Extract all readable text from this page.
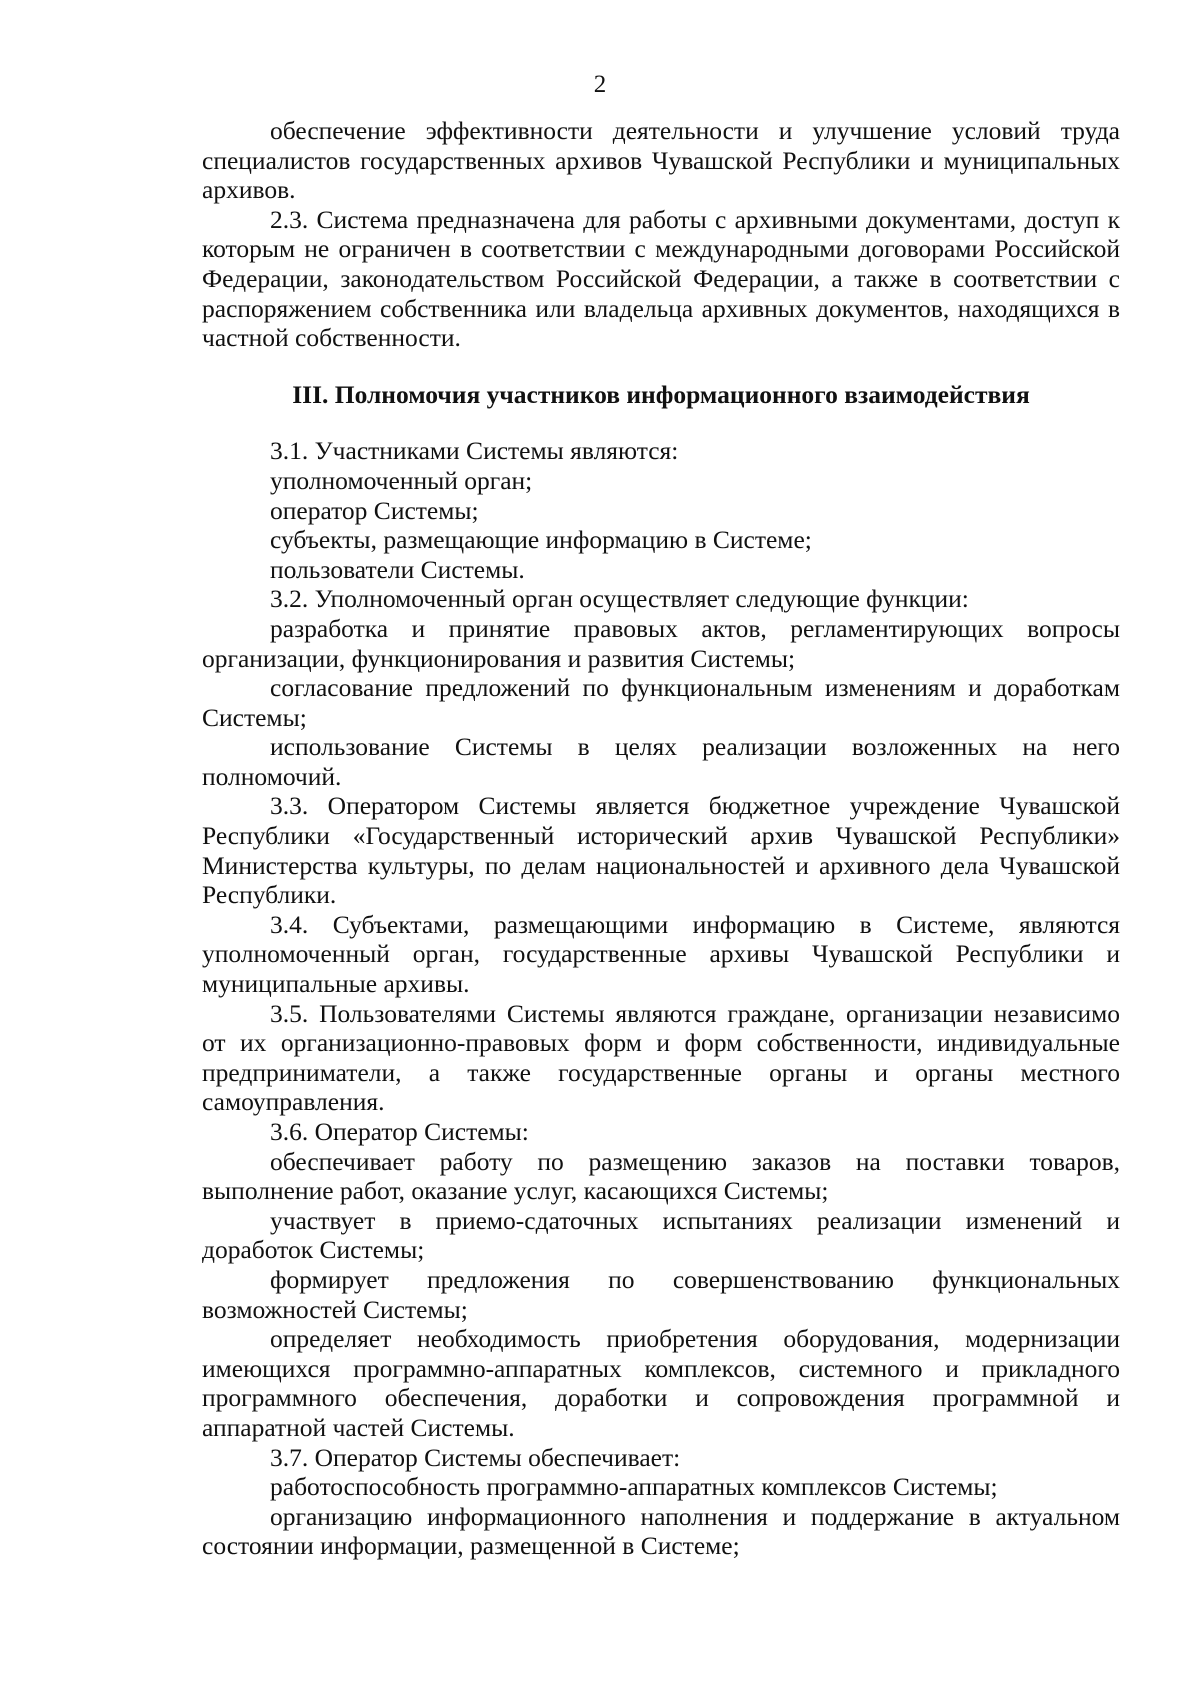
2

обеспечение эффективности деятельности и улучшение условий труда специалистов государственных архивов Чувашской Республики и муниципальных архивов.

2.3. Система предназначена для работы с архивными документами, доступ к которым не ограничен в соответствии с международными договорами Российской Федерации, законодательством Российской Федерации, а также в соответствии с распоряжением собственника или владельца архивных документов, находящихся в частной собственности.

III. Полномочия участников информационного взаимодействия

3.1. Участниками Системы являются:

уполномоченный орган;

оператор Системы;

субъекты, размещающие информацию в Системе;

пользователи Системы.

3.2. Уполномоченный орган осуществляет следующие функции:

разработка и принятие правовых актов, регламентирующих вопросы организации, функционирования и развития Системы;

согласование предложений по функциональным изменениям и доработкам Системы;

использование Системы в целях реализации возложенных на него полномочий.

3.3. Оператором Системы является бюджетное учреждение Чувашской Республики «Государственный исторический архив Чувашской Республики» Министерства культуры, по делам национальностей и архивного дела Чувашской Республики.

3.4. Субъектами, размещающими информацию в Системе, являются уполномоченный орган, государственные архивы Чувашской Республики и муниципальные архивы.

3.5. Пользователями Системы являются граждане, организации независимо от их организационно-правовых форм и форм собственности, индивидуальные предприниматели, а также государственные органы и органы местного самоуправления.

3.6. Оператор Системы:

обеспечивает работу по размещению заказов на поставки товаров, выполнение работ, оказание услуг, касающихся Системы;

участвует в приемо-сдаточных испытаниях реализации изменений и доработок Системы;

формирует предложения по совершенствованию функциональных возможностей Системы;

определяет необходимость приобретения оборудования, модернизации имеющихся программно-аппаратных комплексов, системного и прикладного программного обеспечения, доработки и сопровождения программной и аппаратной частей Системы.

3.7. Оператор Системы обеспечивает:

работоспособность программно-аппаратных комплексов Системы;

организацию информационного наполнения и поддержание в актуальном состоянии информации, размещенной в Системе;
